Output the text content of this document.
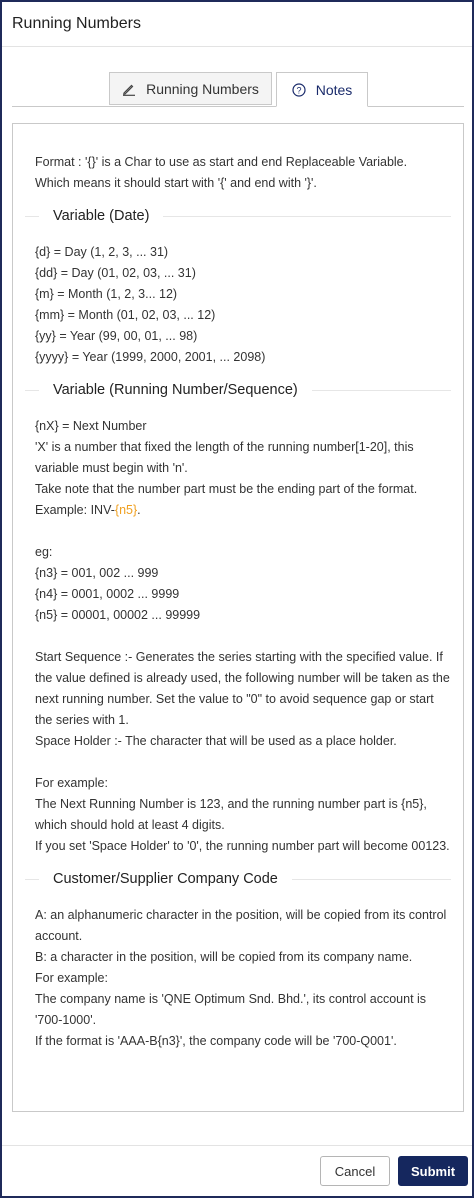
Running Numbers
Running Numbers	? Notes

Format : '{}' is a Char to use as start and end Replaceable Variable.
Which means it should start with '{' and end with '}'.

Variable (Date)
{d} = Day (1, 2, 3, ... 31)
{dd} = Day (01, 02, 03, ... 31)
{m} = Month (1, 2, 3... 12)
{mm} = Month (01, 02, 03, ... 12)
{yy} = Year (99, 00, 01, ... 98)
{yyyy} = Year (1999, 2000, 2001, ... 2098)
Variable (Running Number/Sequence)
{nX} = Next Number
'X' is a number that fixed the length of the running number[1-20], this variable must begin with 'n'.
Take note that the number part must be the ending part of the format. Example: INV-{n5}.
eg:
{n3} = 001, 002 ... 999
{n4} = 0001, 0002 ... 9999
{n5} = 00001, 00002 ... 99999
Start Sequence :- Generates the series starting with the specified value. If the value defined is already used, the following number will be taken as the next running number. Set the value to "0" to avoid sequence gap or start the series with 1.
Space Holder :- The character that will be used as a place holder.
For example:
The Next Running Number is 123, and the running number part is {n5}, which should hold at least 4 digits.
If you set 'Space Holder' to '0', the running number part will become 00123.
Customer/Supplier Company Code
A: an alphanumeric character in the position, will be copied from its control account.
B: a character in the position, will be copied from its company name.
For example:
The company name is 'QNE Optimum Snd. Bhd.', its control account is '700-1000'.
If the format is 'AAA-B{n3}', the company code will be '700-Q001'.
Cancel	Submit
